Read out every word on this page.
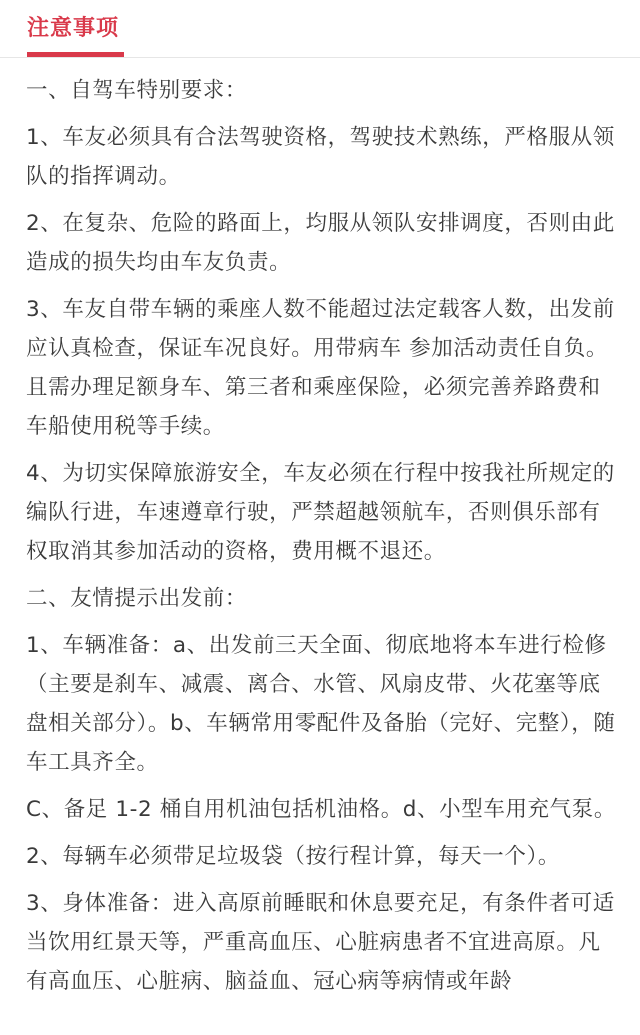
注意事项

一、自驾车特别要求：

1、车友必须具有合法驾驶资格，驾驶技术熟练，严格服从领队的指挥调动。

2、在复杂、危险的路面上，均服从领队安排调度，否则由此造成的损失均由车友负责。

3、车友自带车辆的乘座人数不能超过法定载客人数，出发前应认真检查，保证车况良好。用带病车 参加活动责任自负。且需办理足额身车、第三者和乘座保险，必须完善养路费和车船使用税等手续。

4、为切实保障旅游安全，车友必须在行程中按我社所规定的编队行进，车速遵章行驶，严禁超越领航车，否则俱乐部有权取消其参加活动的资格，费用概不退还。

二、友情提示出发前：

1、车辆准备：a、出发前三天全面、彻底地将本车进行检修（主要是刹车、减震、离合、水管、风扇皮带、火花塞等底盘相关部分）。b、车辆常用零配件及备胎（完好、完整），随车工具齐全。

C、备足 1-2 桶自用机油包括机油格。d、小型车用充气泵。

2、每辆车必须带足垃圾袋（按行程计算，每天一个）。

3、身体准备：进入高原前睡眠和休息要充足，有条件者可适当饮用红景天等，严重高血压、心脏病患者不宜进高原。凡有高血压、心脏病、脑益血、冠心病等病情或年龄
